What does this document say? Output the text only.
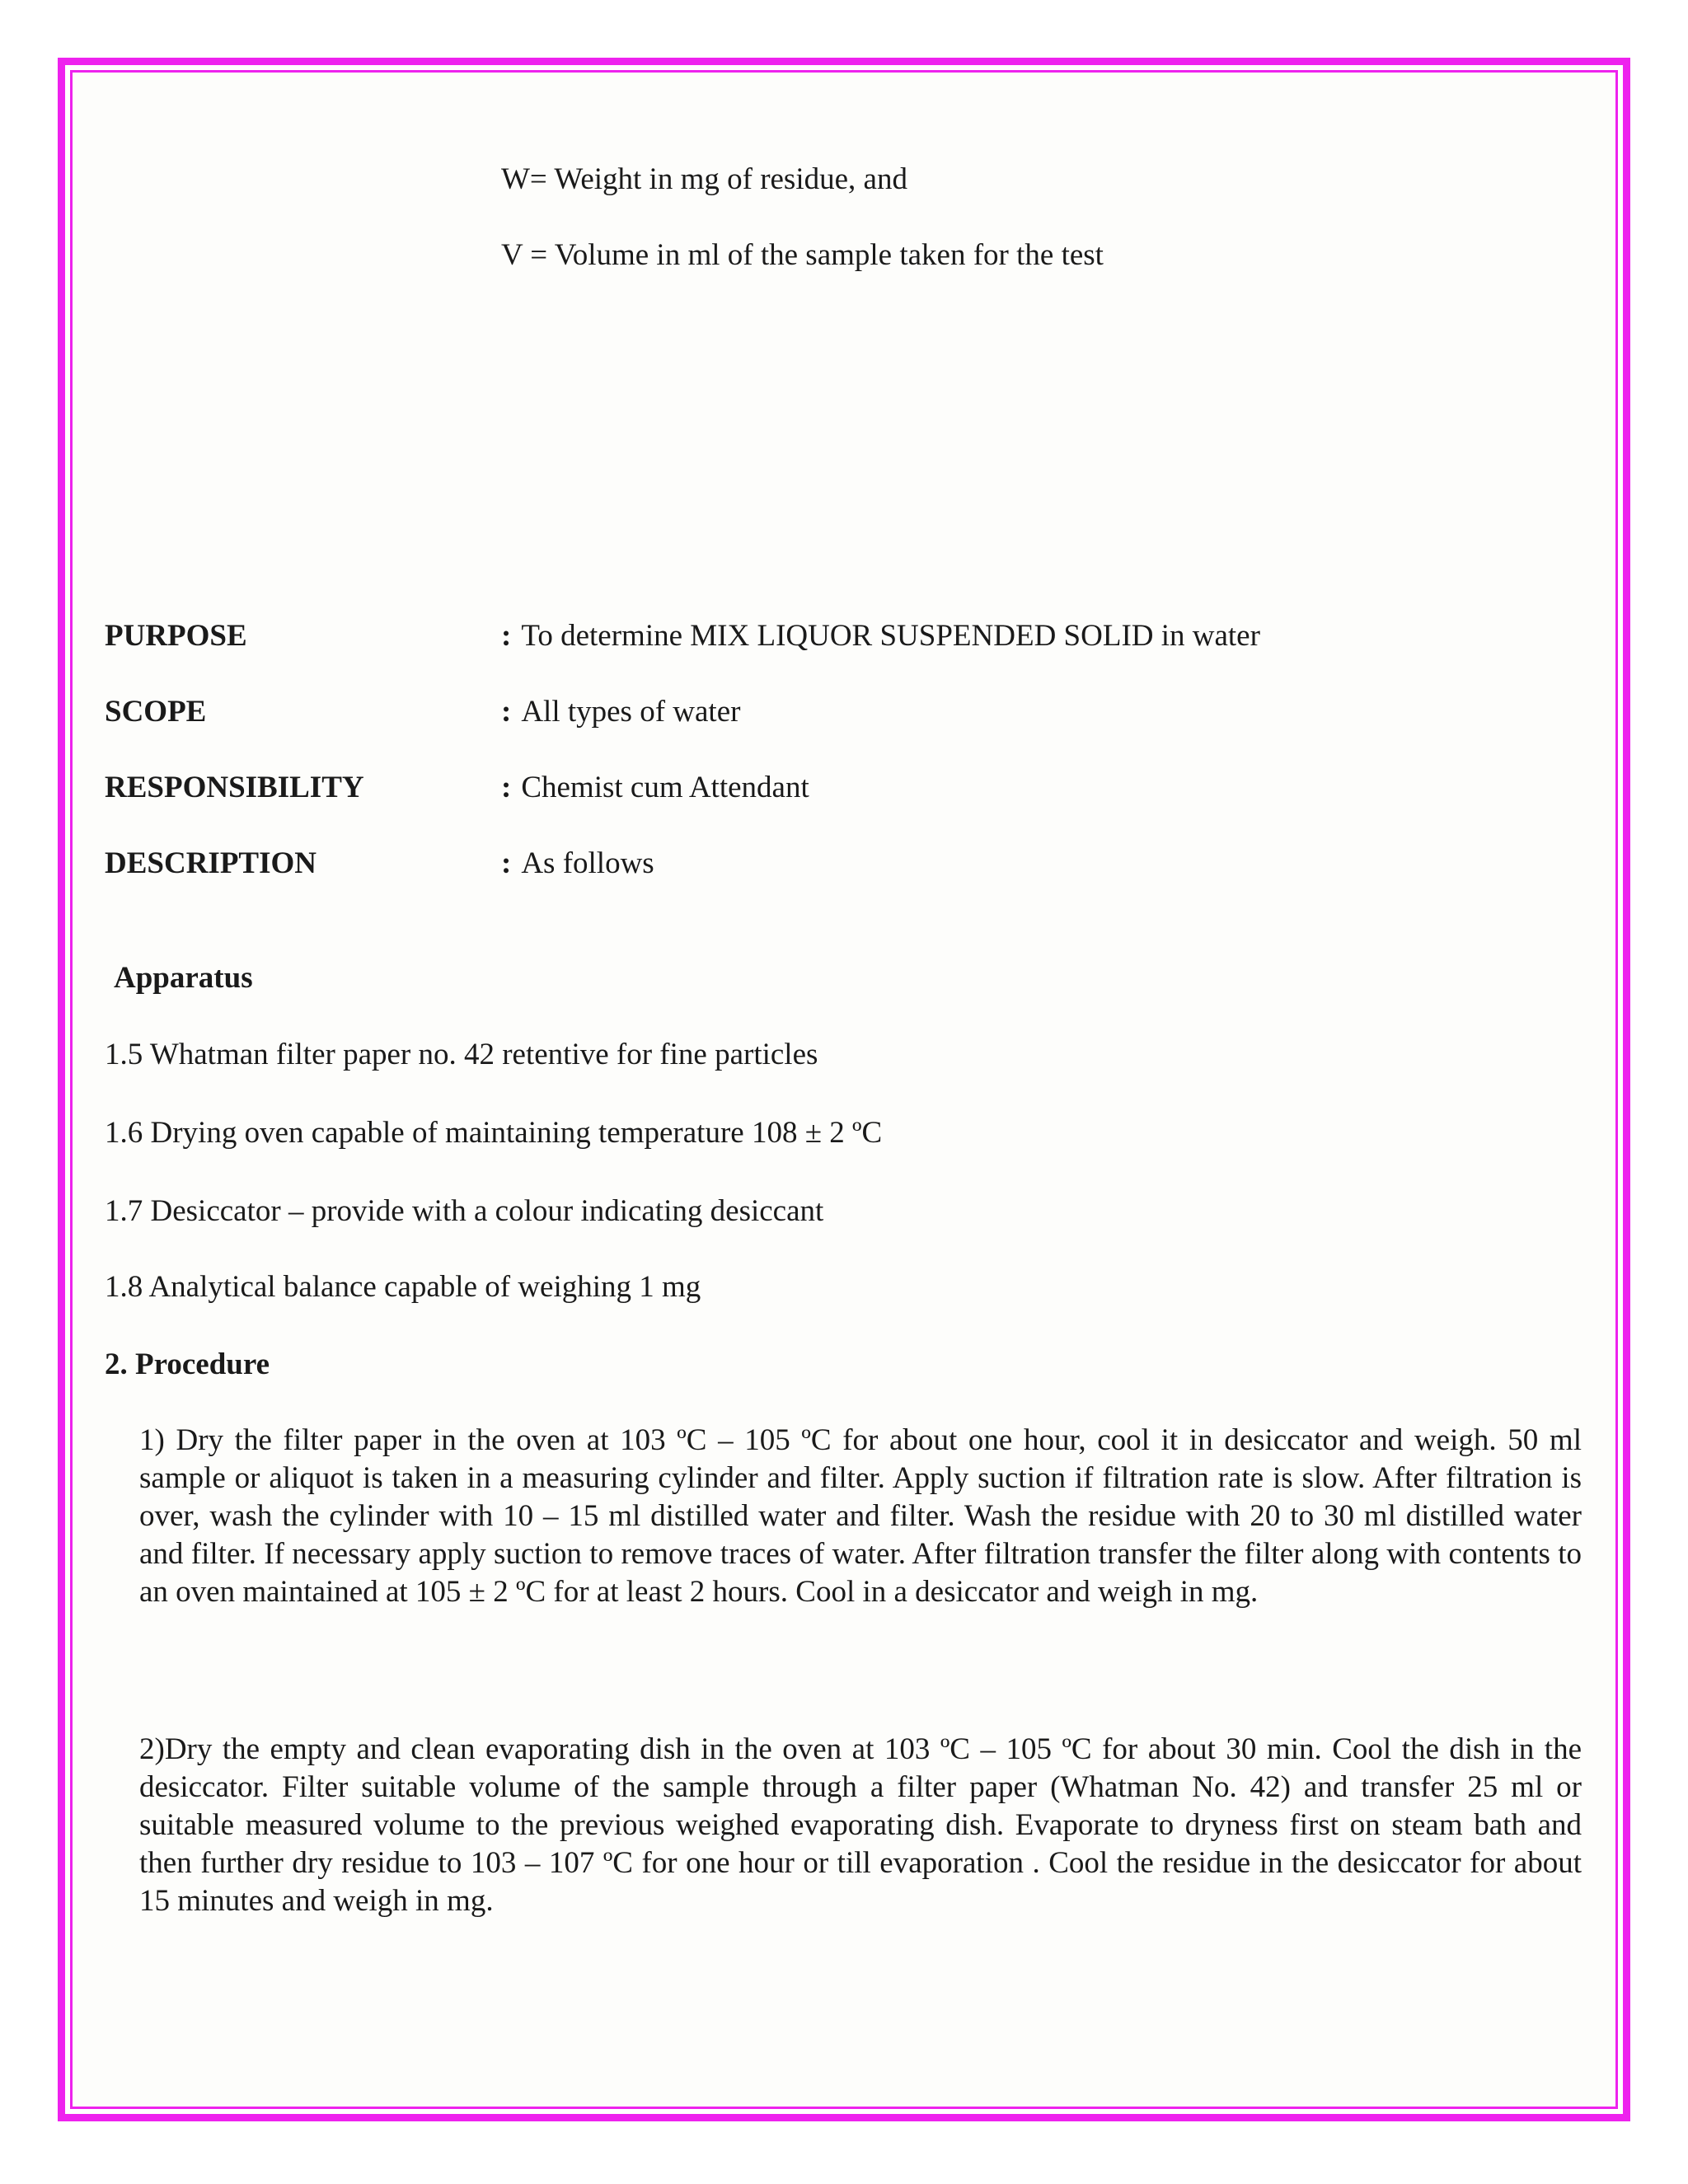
W= Weight in mg of residue, and
V = Volume in ml of the sample taken for the test
PURPOSE	: To determine MIX LIQUOR SUSPENDED SOLID in water
SCOPE	: All types of water
RESPONSIBILITY	: Chemist cum Attendant
DESCRIPTION	: As follows
Apparatus
1.5 Whatman filter paper no. 42 retentive for fine particles
1.6 Drying oven capable of maintaining temperature 108 ± 2 ºC
1.7 Desiccator – provide with a colour indicating desiccant
1.8 Analytical balance capable of weighing 1 mg
2. Procedure
1) Dry the filter paper in the oven at 103 ºC – 105 ºC for about one hour, cool it in desiccator and weigh. 50 ml sample or aliquot is taken in a measuring cylinder and filter. Apply suction if filtration rate is slow. After filtration is over, wash the cylinder with 10 – 15 ml distilled water and filter. Wash the residue with 20 to 30 ml distilled water and filter. If necessary apply suction to remove traces of water. After filtration transfer the filter along with contents to an oven maintained at 105 ± 2 ºC for at least 2 hours. Cool in a desiccator and weigh in mg.
2)Dry the empty and clean evaporating dish in the oven at 103 ºC – 105 ºC for about 30 min. Cool the dish in the desiccator. Filter suitable volume of the sample through a filter paper (Whatman No. 42) and transfer 25 ml or suitable measured volume to the previous weighed evaporating dish. Evaporate to dryness first on steam bath and then further dry residue to 103 – 107 ºC for one hour or till evaporation . Cool the residue in the desiccator for about 15 minutes and weigh in mg.
